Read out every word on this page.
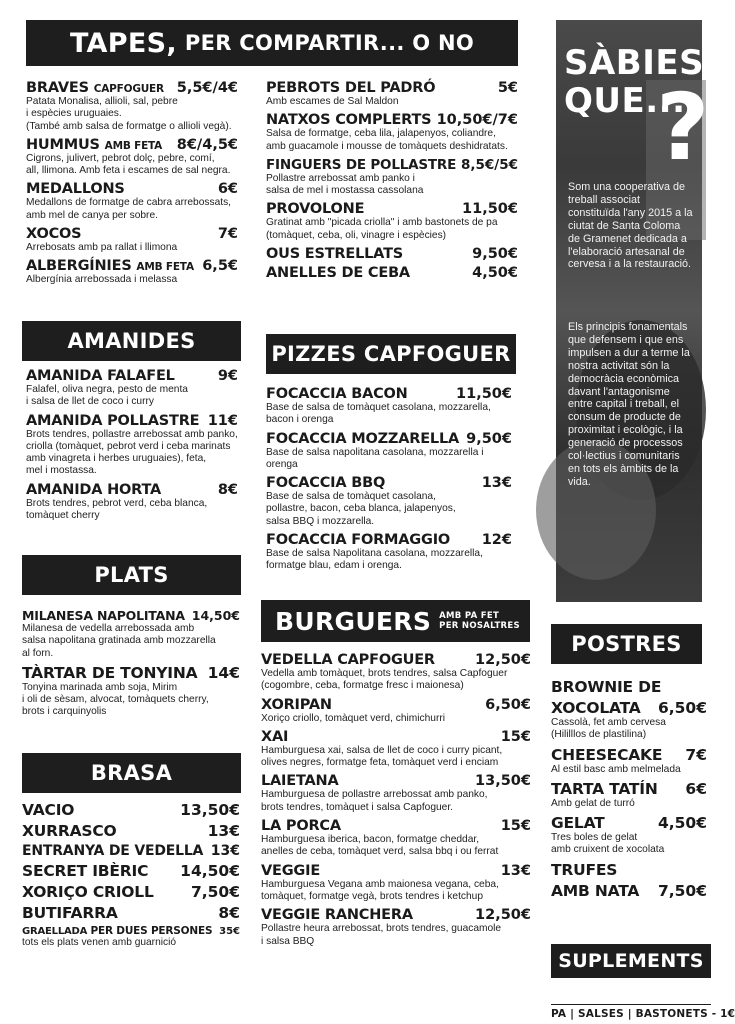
TAPES, PER COMPARTIR... O NO
BRAVES CAPFOGUER 5,5€/4€
Patata Monalisa, allioli, sal, pebre
i espècies uruguaies.
(També amb salsa de formatge o allioli vegà).
HUMMUS AMB FETA 8€/4,5€
Cigrons, julivert, pebrot dolç, pebre, comí,
all, llimona. Amb feta i escames de sal negra.
MEDALLONS	6€
Medallons de formatge de cabra arrebossats,
amb mel de canya per sobre.
XOCOS	7€
Arrebosats amb pa rallat i llimona
ALBERGÍNIES AMB FETA 6,5€
Albergínia arrebossada i melassa
PEBROTS DEL PADRÓ	5€
Amb escames de Sal Maldon
NATXOS COMPLERTS 10,50€/7€
Salsa de formatge, ceba lila, jalapenyos, coliandre,
amb guacamole i mousse de tomàquets deshidratats.
FINGUERS DE POLLASTRE 8,5€/5€
Pollastre arrebossat amb panko i
salsa de mel i mostassa cassolana
PROVOLONE	11,50€
Gratinat amb "picada criolla" i amb bastonets de pa
(tomàquet, ceba, oli, vinagre i espècies)
OUS ESTRELLATS	9,50€
ANELLES DE CEBA	4,50€
AMANIDES
AMANIDA FALAFEL	9€
Falafel, oliva negra, pesto de menta
i salsa de llet de coco i curry
AMANIDA POLLASTRE 11€
Brots tendres, pollastre arrebossat amb panko,
criolla (tomàquet, pebrot verd i ceba marinats
amb vinagreta i herbes uruguaies), feta,
mel i mostassa.
AMANIDA HORTA	8€
Brots tendres, pebrot verd, ceba blanca,
tomàquet cherry
PLATS
MILANESA NAPOLITANA 14,50€
Milanesa de vedella arrebossada amb
salsa napolitana gratinada amb mozzarella
al forn.
TÀRTAR DE TONYINA 14€
Tonyina marinada amb soja, Mirim
i oli de sèsam, alvocat, tomàquets cherry,
brots i carquinyolis
BRASA
VACIO	13,50€
XURRASCO	13€
ENTRANYA DE VEDELLA 13€
SECRET IBÈRIC 14,50€
XORIÇO CRIOLL 7,50€
BUTIFARRA	8€
GRAELLADA PER DUES PERSONES 35€
tots els plats venen amb guarnició
PIZZES CAPFOGUER
FOCACCIA BACON	11,50€
Base de salsa de tomàquet casolana, mozzarella,
bacon i orenga
FOCACCIA MOZZARELLA 9,50€
Base de salsa napolitana casolana, mozzarella i orenga
FOCACCIA BBQ	13€
Base de salsa de tomàquet casolana,
pollastre, bacon, ceba blanca, jalapenyos,
salsa BBQ i mozzarella.
FOCACCIA FORMAGGIO 12€
Base de salsa Napolitana casolana, mozzarella,
formatge blau, edam i orenga.
BURGUERS AMB PA FET
PER NOSALTRES
VEDELLA CAPFOGUER	12,50€
Vedella amb tomàquet, brots tendres, salsa Capfoguer
(cogombre, ceba, formatge fresc i maionesa)
XORIPAN	6,50€
Xoriço criollo, tomàquet verd, chimichurri
XAI	15€
Hamburguesa xai, salsa de llet de coco i curry picant,
olives negres, formatge feta, tomàquet verd i enciam
LAIETANA	13,50€
Hamburguesa de pollastre arrebossat amb panko,
brots tendres, tomàquet i salsa Capfoguer.
LA PORCA	15€
Hamburguesa iberica, bacon, formatge cheddar,
anelles de ceba, tomàquet verd, salsa bbq i ou ferrat
VEGGIE	13€
Hamburguesa Vegana amb maionesa vegana, ceba,
tomàquet, formatge vegà, brots tendres i ketchup
VEGGIE RANCHERA	12,50€
Pollastre heura arrebossat, brots tendres, guacamole
i salsa BBQ
SÀBIES
QUE...
?
Som una cooperativa de treball associat constituïda l'any 2015 a la ciutat de Santa Coloma de Gramenet dedicada a l'elaboració artesanal de cervesa i a la restauració.
Els principis fonamentals que defensem i que ens impulsen a dur a terme la nostra activitat són la democràcia econòmica davant l'antagonisme entre capital i treball, el consum de producte de proximitat i ecològic, i la generació de processos col·lectius i comunitaris en tots els àmbits de la vida.
POSTRES
BROWNIE DE
XOCOLATA 6,50€
Cassolà, fet amb cervesa
(Hililllos de plastilina)
CHEESECAKE 7€
Al estil basc amb melmelada
TARTA TATÍN 6€
Amb gelat de turró
GELAT	4,50€
Tres boles de gelat
amb cruixent de xocolata
TRUFES
AMB NATA 7,50€
SUPLEMENTS
PA | SALSES | BASTONETS - 1€
